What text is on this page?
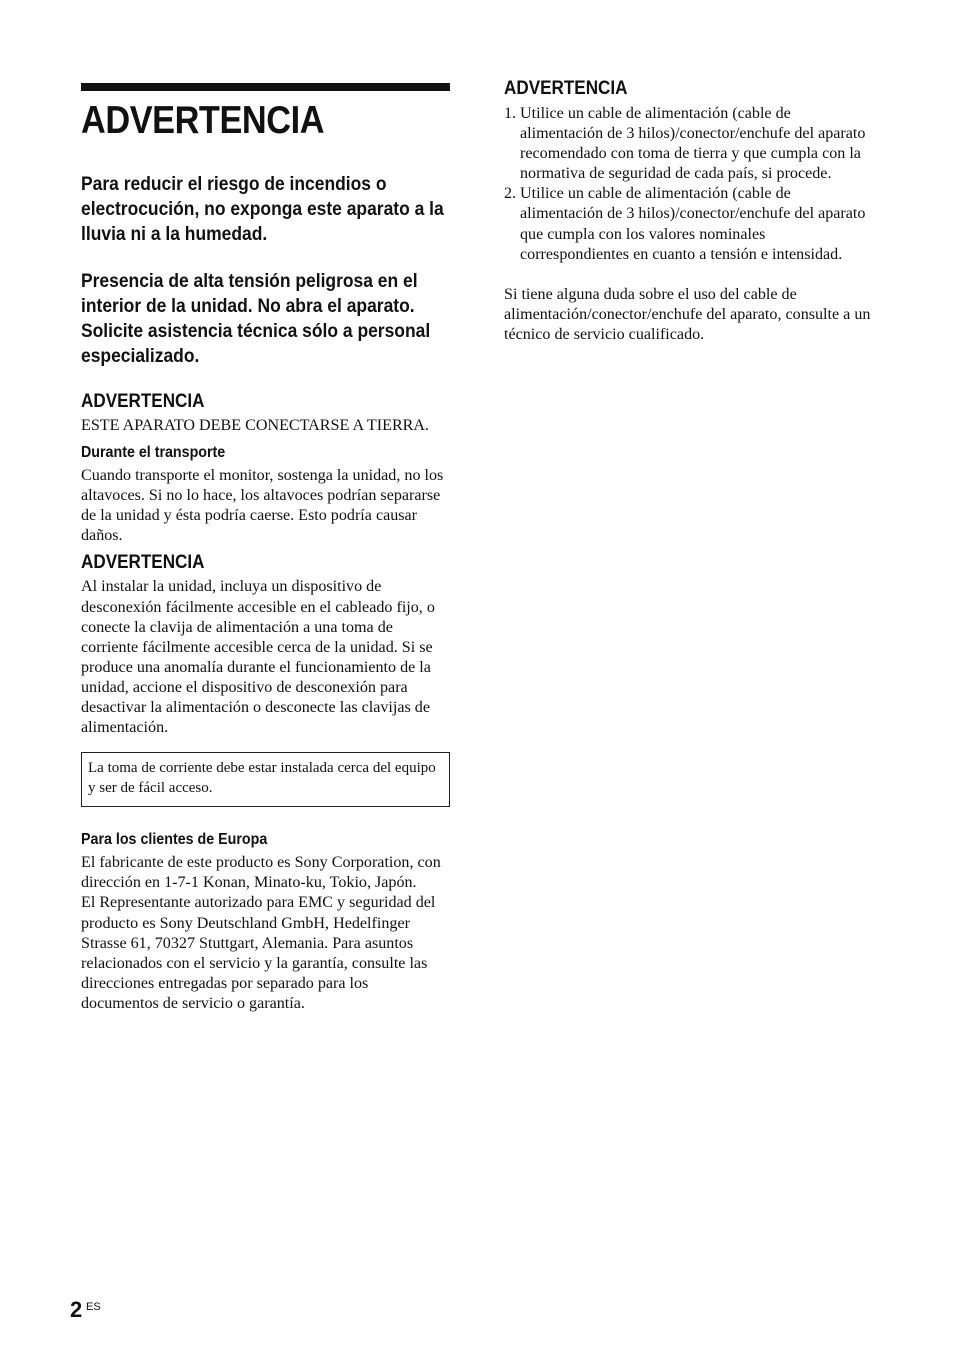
ADVERTENCIA

Para reducir el riesgo de incendios o electrocución, no exponga este aparato a la lluvia ni a la humedad.

Presencia de alta tensión peligrosa en el interior de la unidad. No abra el aparato. Solicite asistencia técnica sólo a personal especializado.

ADVERTENCIA

ESTE APARATO DEBE CONECTARSE A TIERRA.

Durante el transporte

Cuando transporte el monitor, sostenga la unidad, no los altavoces. Si no lo hace, los altavoces podrían separarse de la unidad y ésta podría caerse. Esto podría causar daños.

ADVERTENCIA

Al instalar la unidad, incluya un dispositivo de desconexión fácilmente accesible en el cableado fijo, o conecte la clavija de alimentación a una toma de corriente fácilmente accesible cerca de la unidad. Si se produce una anomalía durante el funcionamiento de la unidad, accione el dispositivo de desconexión para desactivar la alimentación o desconecte las clavijas de alimentación.

La toma de corriente debe estar instalada cerca del equipo y ser de fácil acceso.

Para los clientes de Europa

El fabricante de este producto es Sony Corporation, con dirección en 1-7-1 Konan, Minato-ku, Tokio, Japón.

El Representante autorizado para EMC y seguridad del producto es Sony Deutschland GmbH, Hedelfinger Strasse 61, 70327 Stuttgart, Alemania. Para asuntos relacionados con el servicio y la garantía, consulte las direcciones entregadas por separado para los documentos de servicio o garantía.

ADVERTENCIA
1. Utilice un cable de alimentación (cable de alimentación de 3 hilos)/conector/enchufe del aparato recomendado con toma de tierra y que cumpla con la normativa de seguridad de cada país, si procede.
2. Utilice un cable de alimentación (cable de alimentación de 3 hilos)/conector/enchufe del aparato que cumpla con los valores nominales correspondientes en cuanto a tensión e intensidad.

Si tiene alguna duda sobre el uso del cable de alimentación/conector/enchufe del aparato, consulte a un técnico de servicio cualificado.

2 ES
